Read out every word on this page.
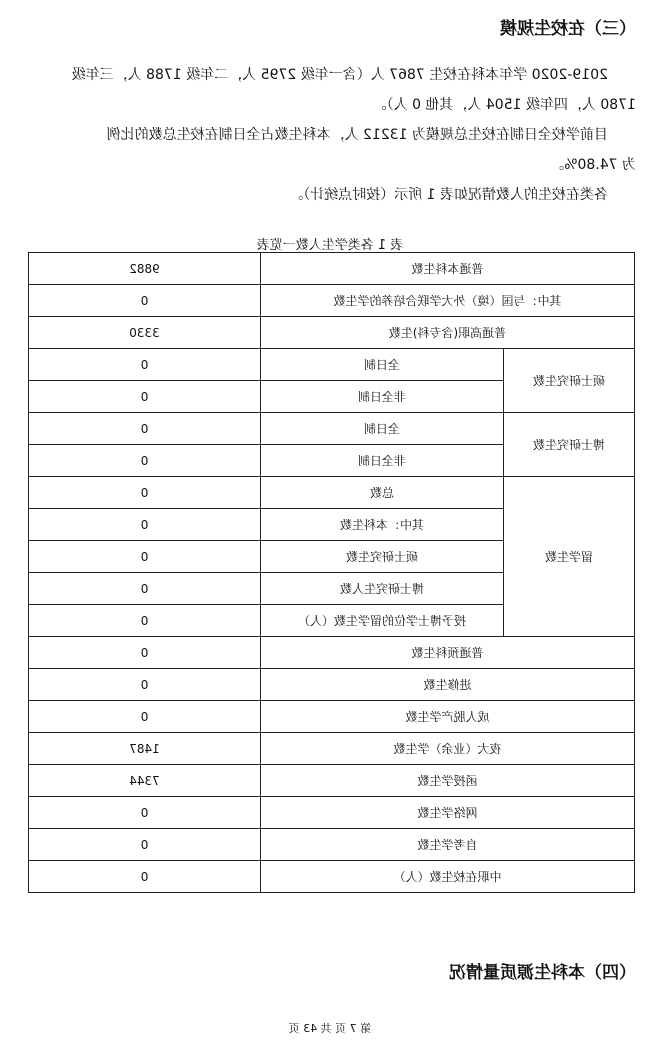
（三）在校生规模
2019-2020 学年本科在校生 7867 人（含一年级 2795 人，二年级 1788 人，三年级
1780 人，四年级 1504 人，其他 0 人）。
目前学校全日制在校生总规模为 13212 人，本科生数占全日制在校生总数的比例
为 74.80%。
各类在校生的人数情况如表 1 所示（按时点统计）。
表 1 各类学生人数一览表
普通本科生数		9882
其中：与国（境）外大学联合培养的学生数		0
普通高职(含专科)生数		3330
硕士研究生数	全日制	0
	非全日制	0
博士研究生数	全日制	0
	非全日制	0
留学生数	总数	0
	其中：本科生数	0
	硕士研究生数	0
	博士研究生人数	0
	授予博士学位的留学生数（人）	0
普通预科生数		0
进修生数		0
成人脱产学生数		0
夜大（业余）学生数		1487
函授学生数		7344
网络学生数		0
自考学生数		0
中职在校生数（人）		0
（四）本科生源质量情况
第 7 页 共 43 页
